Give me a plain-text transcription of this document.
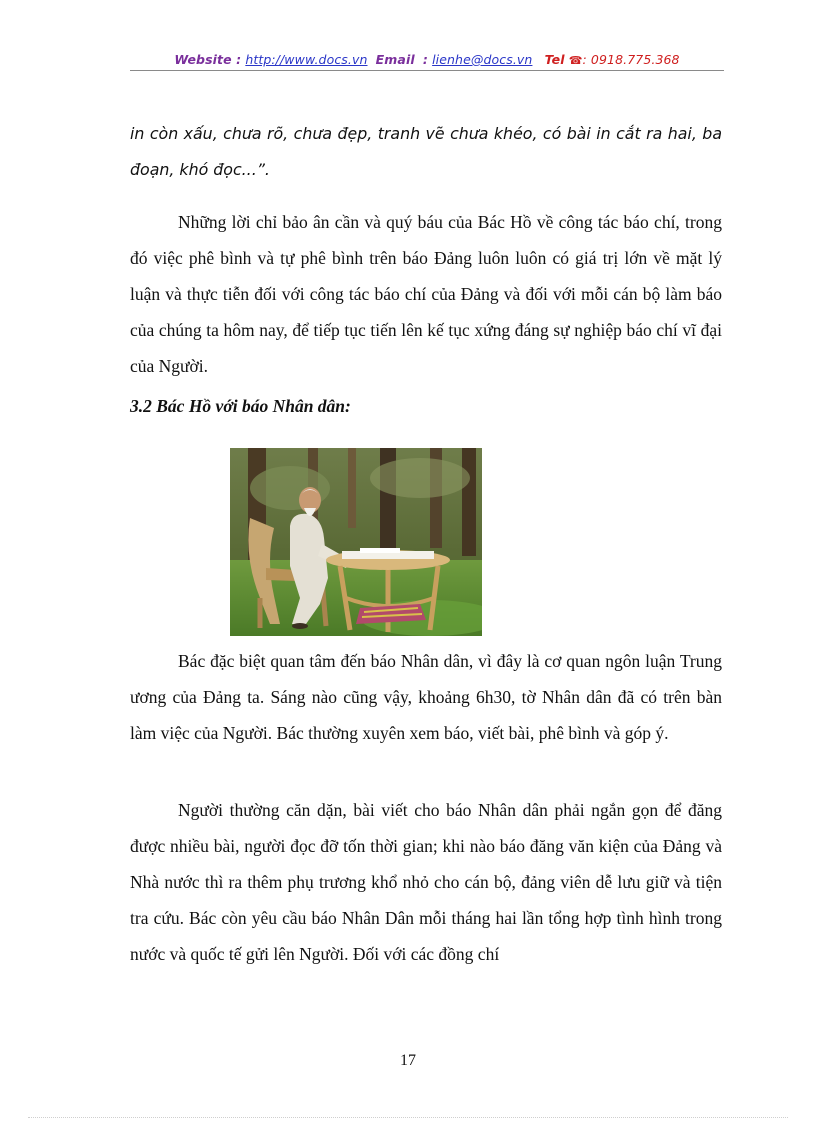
Website : http://www.docs.vn Email : lienhe@docs.vn Tel ☎: 0918.775.368

in còn xấu, chưa rõ, chưa đẹp, tranh vẽ chưa khéo, có bài in cắt ra hai, ba đoạn, khó đọc...”.

Những lời chỉ bảo ân cần và quý báu của Bác Hồ về công tác báo chí, trong đó việc phê bình và tự phê bình trên báo Đảng luôn luôn có giá trị lớn về mặt lý luận và thực tiễn đối với công tác báo chí của Đảng và đối với mỗi cán bộ làm báo của chúng ta hôm nay, để tiếp tục tiến lên kế tục xứng đáng sự nghiệp báo chí vĩ đại của Người.

3.2 Bác Hồ với báo Nhân dân:

Bác đặc biệt quan tâm đến báo Nhân dân, vì đây là cơ quan ngôn luận Trung ương của Đảng ta. Sáng nào cũng vậy, khoảng 6h30, tờ Nhân dân đã có trên bàn làm việc của Người. Bác thường xuyên xem báo, viết bài, phê bình và góp ý.

Người thường căn dặn, bài viết cho báo Nhân dân phải ngắn gọn để đăng được nhiều bài, người đọc đỡ tốn thời gian; khi nào báo đăng văn kiện của Đảng và Nhà nước thì ra thêm phụ trương khổ nhỏ cho cán bộ, đảng viên dễ lưu giữ và tiện tra cứu. Bác còn yêu cầu báo Nhân Dân mỗi tháng hai lần tổng hợp tình hình trong nước và quốc tế gửi lên Người. Đối với các đồng chí

17
